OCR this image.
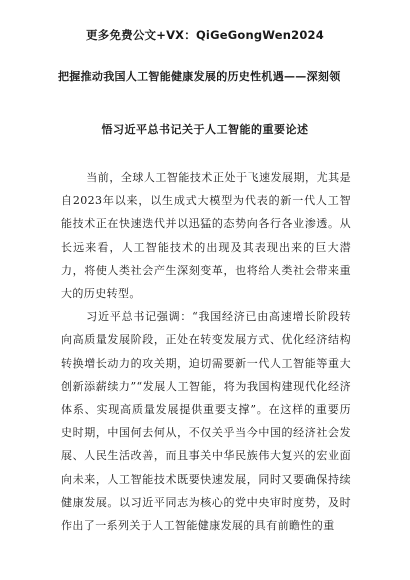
更多免费公文+VX：QiGeGongWen2024
把握推动我国人工智能健康发展的历史性机遇——深刻领
悟习近平总书记关于人工智能的重要论述

当前，全球人工智能技术正处于飞速发展期，尤其是自2023年以来，以生成式大模型为代表的新一代人工智能技术正在快速迭代并以迅猛的态势向各行各业渗透。从长远来看，人工智能技术的出现及其表现出来的巨大潜力，将使人类社会产生深刻变革，也将给人类社会带来重大的历史转型。

习近平总书记强调：“我国经济已由高速增长阶段转向高质量发展阶段，正处在转变发展方式、优化经济结构转换增长动力的攻关期，迫切需要新一代人工智能等重大创新添薪续力”“发展人工智能，将为我国构建现代化经济体系、实现高质量发展提供重要支撑”。在这样的重要历史时期，中国何去何从，不仅关乎当今中国的经济社会发展、人民生活改善，而且事关中华民族伟大复兴的宏业面向未来，人工智能技术既要快速发展，同时又要确保持续健康发展。以习近平同志为核心的党中央审时度势，及时作出了一系列关于人工智能健康发展的具有前瞻性的重
